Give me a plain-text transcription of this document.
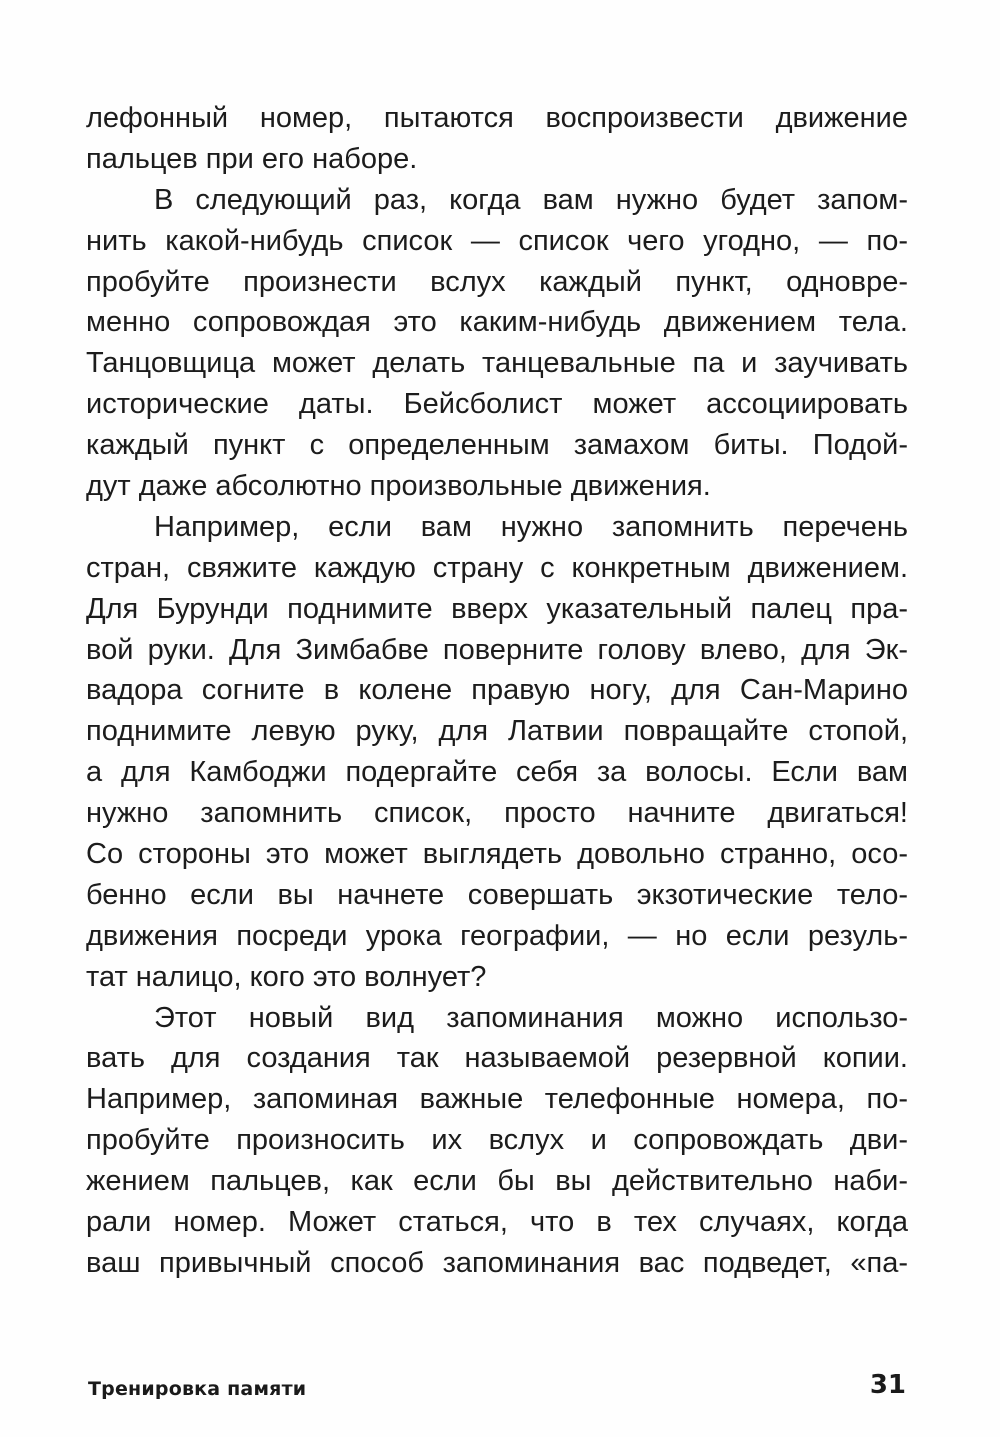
лефонный номер, пытаются воспроизвести движение
пальцев при его наборе.
В следующий раз, когда вам нужно будет запом-
нить какой-нибудь список — список чего угодно, — по-
пробуйте произнести вслух каждый пункт, одновре-
менно сопровождая это каким-нибудь движением тела.
Танцовщица может делать танцевальные па и заучивать
исторические даты. Бейсболист может ассоциировать
каждый пункт с определенным замахом биты. Подой-
дут даже абсолютно произвольные движения.
Например, если вам нужно запомнить перечень
стран, свяжите каждую страну с конкретным движением.
Для Бурунди поднимите вверх указательный палец пра-
вой руки. Для Зимбабве поверните голову влево, для Эк-
вадора согните в колене правую ногу, для Сан-Марино
поднимите левую руку, для Латвии повращайте стопой,
а для Камбоджи подергайте себя за волосы. Если вам
нужно запомнить список, просто начните двигаться!
Со стороны это может выглядеть довольно странно, осо-
бенно если вы начнете совершать экзотические тело-
движения посреди урока географии, — но если резуль-
тат налицо, кого это волнует?
Этот новый вид запоминания можно использо-
вать для создания так называемой резервной копии.
Например, запоминая важные телефонные номера, по-
пробуйте произносить их вслух и сопровождать дви-
жением пальцев, как если бы вы действительно наби-
рали номер. Может статься, что в тех случаях, когда
ваш привычный способ запоминания вас подведет, «па-
Тренировка памяти	31
